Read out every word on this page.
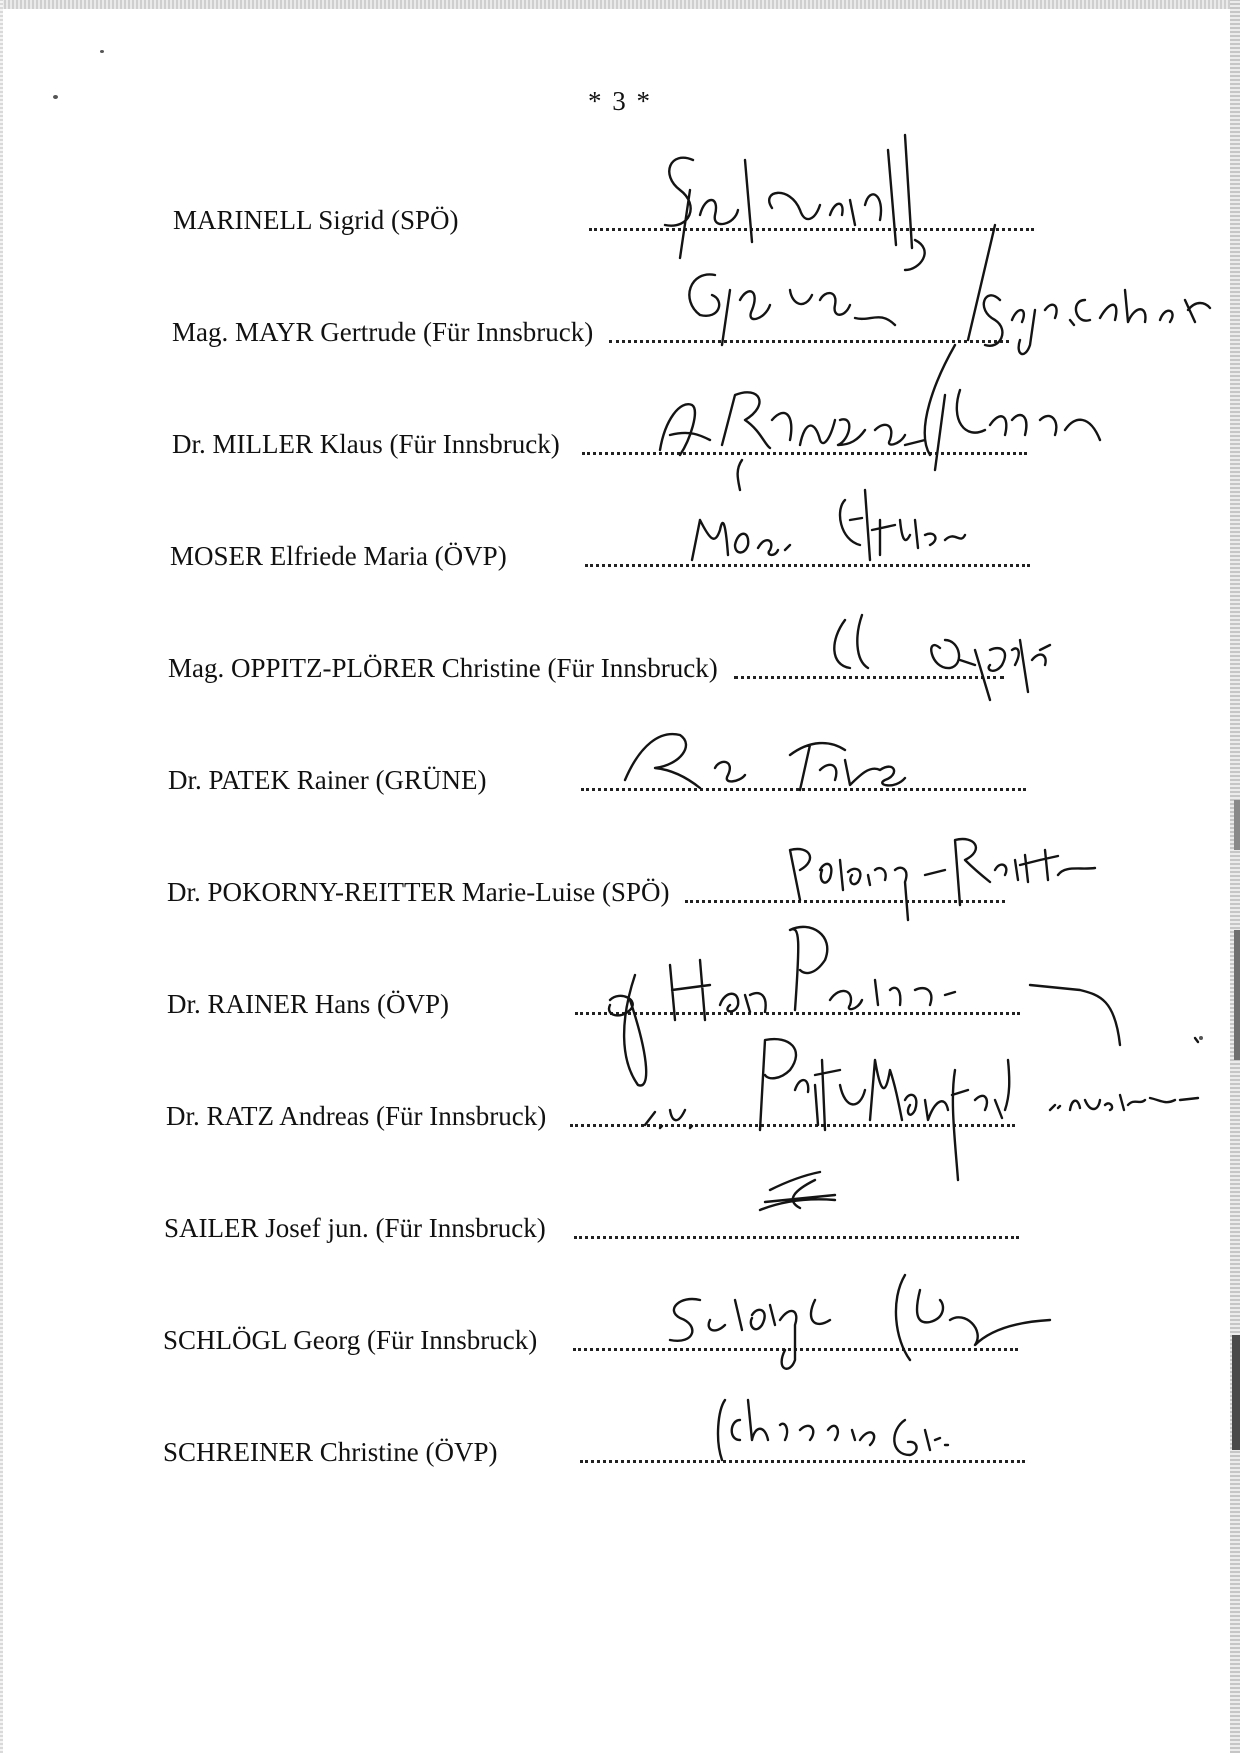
* 3 *
MARINELL Sigrid (SPÖ)
Mag. MAYR Gertrude (Für Innsbruck)
Dr. MILLER Klaus (Für Innsbruck)
MOSER Elfriede Maria (ÖVP)
Mag. OPPITZ-PLÖRER Christine (Für Innsbruck)
Dr. PATEK Rainer (GRÜNE)
Dr. POKORNY-REITTER Marie-Luise (SPÖ)
Dr. RAINER Hans (ÖVP)
Dr. RATZ Andreas (Für Innsbruck)
SAILER Josef jun. (Für Innsbruck)
SCHLÖGL Georg (Für Innsbruck)
SCHREINER Christine (ÖVP)
